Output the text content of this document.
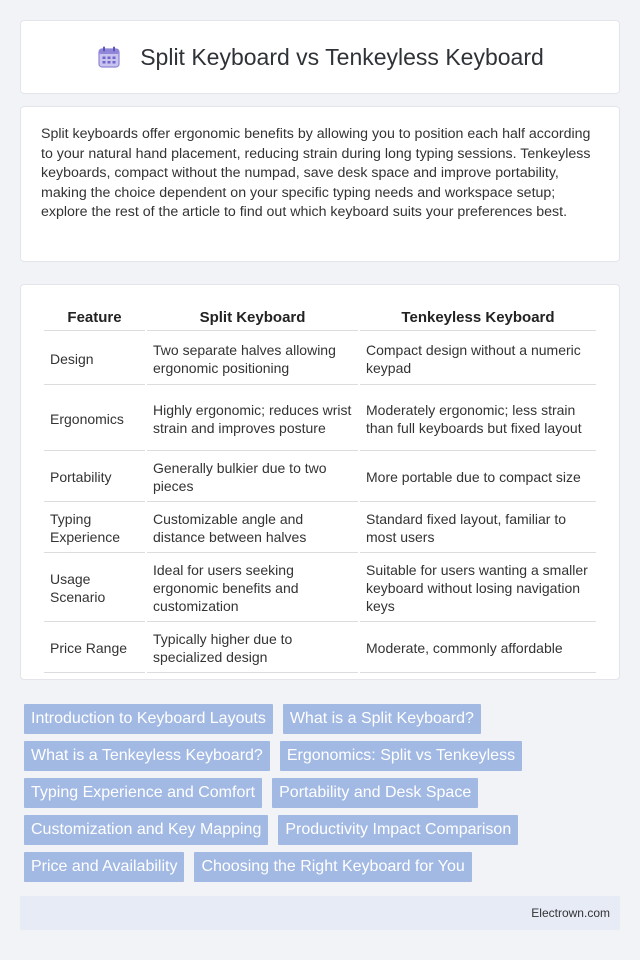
Split Keyboard vs Tenkeyless Keyboard

Split keyboards offer ergonomic benefits by allowing you to position each half according to your natural hand placement, reducing strain during long typing sessions. Tenkeyless keyboards, compact without the numpad, save desk space and improve portability, making the choice dependent on your specific typing needs and workspace setup; explore the rest of the article to find out which keyboard suits your preferences best.

Feature	Split Keyboard	Tenkeyless Keyboard
Design	Two separate halves allowing ergonomic positioning	Compact design without a numeric keypad
Ergonomics	Highly ergonomic; reduces wrist strain and improves posture	Moderately ergonomic; less strain than full keyboards but fixed layout
Portability	Generally bulkier due to two pieces	More portable due to compact size
Typing Experience	Customizable angle and distance between halves	Standard fixed layout, familiar to most users
Usage Scenario	Ideal for users seeking ergonomic benefits and customization	Suitable for users wanting a smaller keyboard without losing navigation keys
Price Range	Typically higher due to specialized design	Moderate, commonly affordable
Introduction to Keyboard Layouts	What is a Split Keyboard?
What is a Tenkeyless Keyboard?	Ergonomics: Split vs Tenkeyless
Typing Experience and Comfort	Portability and Desk Space
Customization and Key Mapping	Productivity Impact Comparison
Price and Availability	Choosing the Right Keyboard for You
Electrown.com
